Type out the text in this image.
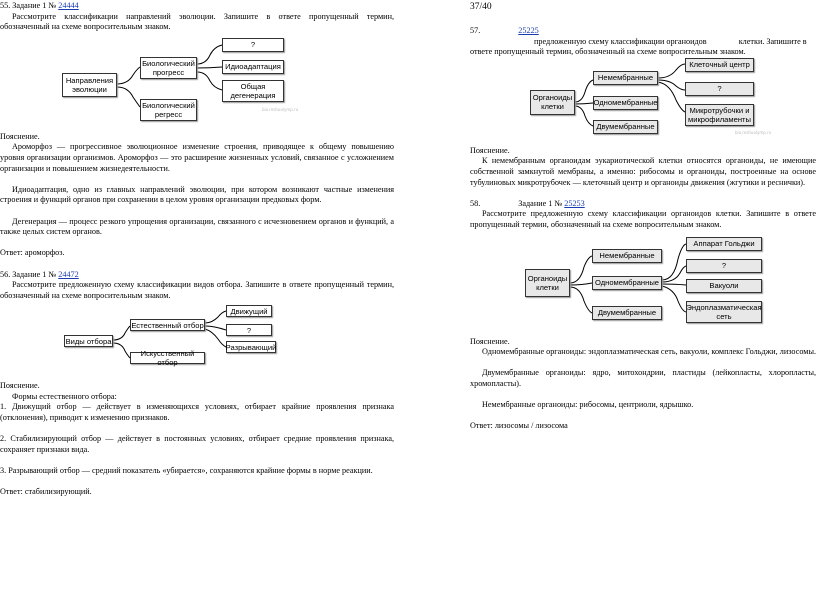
37/40

55. Задание 1 № 24444

Рассмотрите классификации направлений эволюции. Запишите в ответе пропущенный термин, обозначенный на схеме вопросительным знаком.

Направления эволюции
Биологический прогресс
Биологический регресс
?
Идиоадаптация
Общая дегенерация
bio.reshuolymp.ru

Пояснение.

Ароморфоз — прогрессивное эволюционное изменение строения, приводящее к общему повышению уровня организации организмов. Ароморфоз — это расширение жизненных условий, связанное с усложнением организации и повышением жизнедеятельности.

Идиоадаптация, одно из главных направлений эволюции, при котором возникают частные изменения строения и функций органов при сохранении в целом уровня организации предковых форм.

Дегенерация — процесс резкого упрощения организации, связанного с исчезновением органов и функций, а также целых систем органов.

Ответ: ароморфоз.

56. Задание 1 № 24472

Рассмотрите предложенную схему классификации видов отбора. Запишите в ответе пропущенный термин, обозначенный на схеме вопросительным знаком.

Виды отбора
Естественный отбор
Искусственный отбор
Движущий
?
Разрывающий

Пояснение.

Формы естественного отбора:

1. Движущий отбор — действует в изменяющихся условиях, отбирает крайние проявления признака (отклонения), приводит к изменению признаков.

2. Стабилизирующий отбор — действует в постоянных условиях, отбирает средние проявления признака, сохраняет признаки вида.

3. Разрывающий отбор — средний показатель «убирается», сохраняются крайние формы в норме реакции.

Ответ: стабилизирующий.

57.	25225

предложенную схему классификации органоидов	клетки. Запишите в ответе пропущенный термин, обозначенный на схеме вопросительным знаком.

Органоиды клетки
Немембранные
Одномембранные
Двумембранные
Клеточный центр
?
Микротрубочки и микрофиламенты
bio.reshuolymp.ru

Пояснение.

К немембранным органоидам эукариотической клетки относятся органоиды, не имеющие собственной замкнутой мембраны, а именно: рибосомы и органоиды, построенные на основе тубулиновых микротрубочек — клеточный центр и органоиды движения (жгутики и реснички).

58.	Задание 1 № 25253

Рассмотрите предложенную схему классификации органоидов клетки. Запишите в ответе пропущенный термин, обозначенный на схеме вопросительным знаком.

Органоиды клетки
Немембранные
Одномембранные
Двумембранные
Аппарат Гольджи
?
Вакуоли
Эндоплазматическая сеть

Пояснение.

Одномембранные органоиды: эндоплазматическая сеть, вакуоли, комплекс Гольджи, лизосомы.

Двумембранные органоиды: ядро, митохондрии, пластиды (лейкопласты, хлоропласты, хромопласты).

Немембранные органоиды: рибосомы, центриоли, ядрышко.

Ответ: лизосомы / лизосома
